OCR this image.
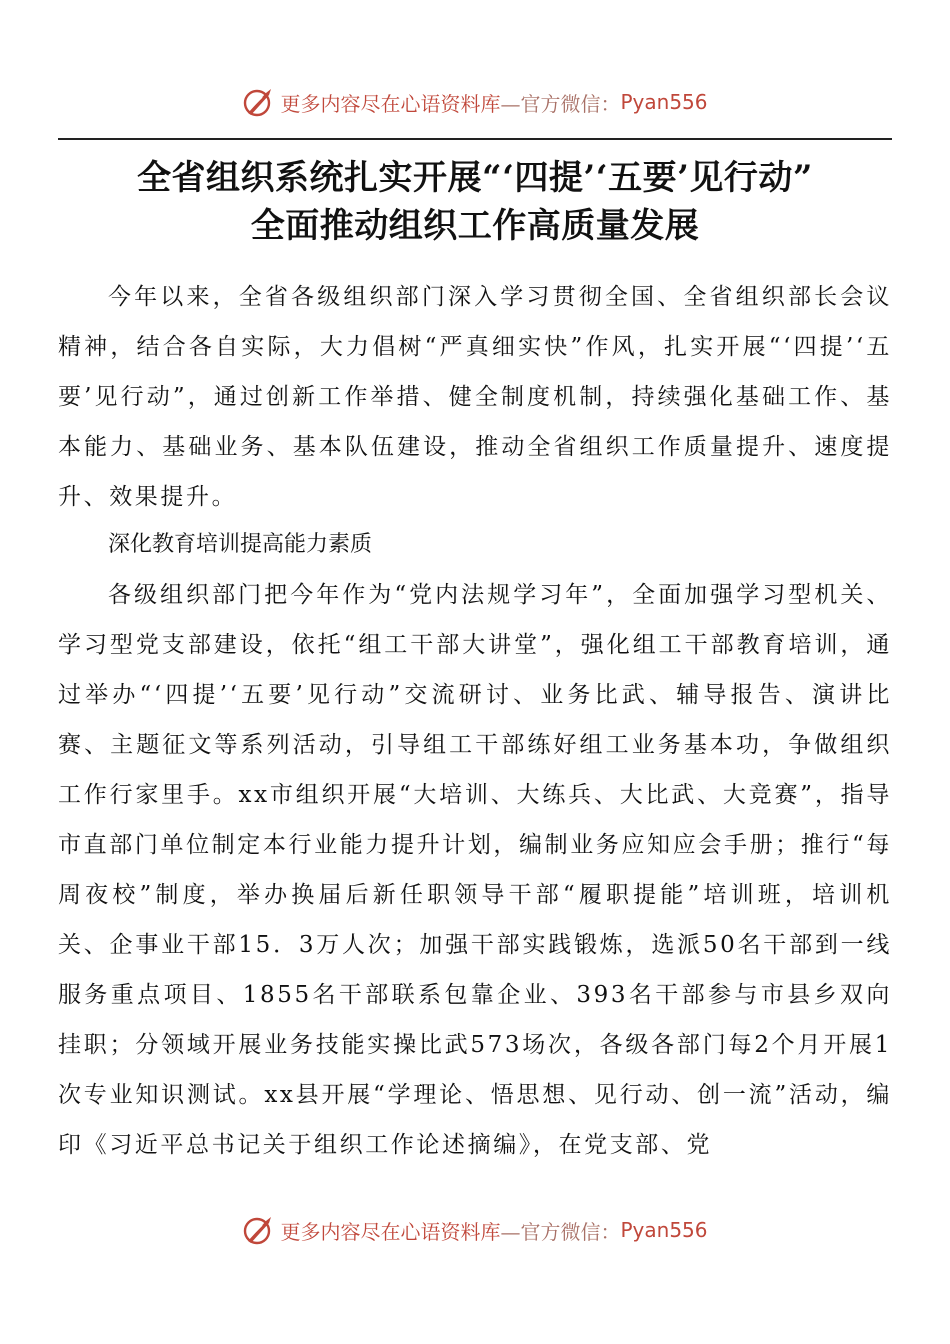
更多内容尽在心语资料库 —官方微信： Pyan556
全省组织系统扎实开展“‘四提’‘五要’见行动”
全面推动组织工作高质量发展
今年以来，全省各级组织部门深入学习贯彻全国、全省组织部长会议精神，结合各自实际，大力倡树“严真细实快”作风，扎实开展“‘四提’‘五要’见行动”，通过创新工作举措、健全制度机制，持续强化基础工作、基本能力、基础业务、基本队伍建设，推动全省组织工作质量提升、速度提升、效果提升。
深化教育培训提高能力素质
各级组织部门把今年作为“党内法规学习年”，全面加强学习型机关、学习型党支部建设，依托“组工干部大讲堂”，强化组工干部教育培训，通过举办“‘四提’‘五要’见行动”交流研讨、业务比武、辅导报告、演讲比赛、主题征文等系列活动，引导组工干部练好组工业务基本功，争做组织工作行家里手。xx市组织开展“大培训、大练兵、大比武、大竞赛”，指导市直部门单位制定本行业能力提升计划，编制业务应知应会手册；推行“每周夜校”制度，举办换届后新任职领导干部“履职提能”培训班，培训机关、企事业干部15．3万人次；加强干部实践锻炼，选派50名干部到一线服务重点项目、1855名干部联系包靠企业、393名干部参与市县乡双向挂职；分领域开展业务技能实操比武573场次，各级各部门每2个月开展1次专业知识测试。xx县开展“学理论、悟思想、见行动、创一流”活动，编印《习近平总书记关于组织工作论述摘编》，在党支部、党
更多内容尽在心语资料库 —官方微信： Pyan556
